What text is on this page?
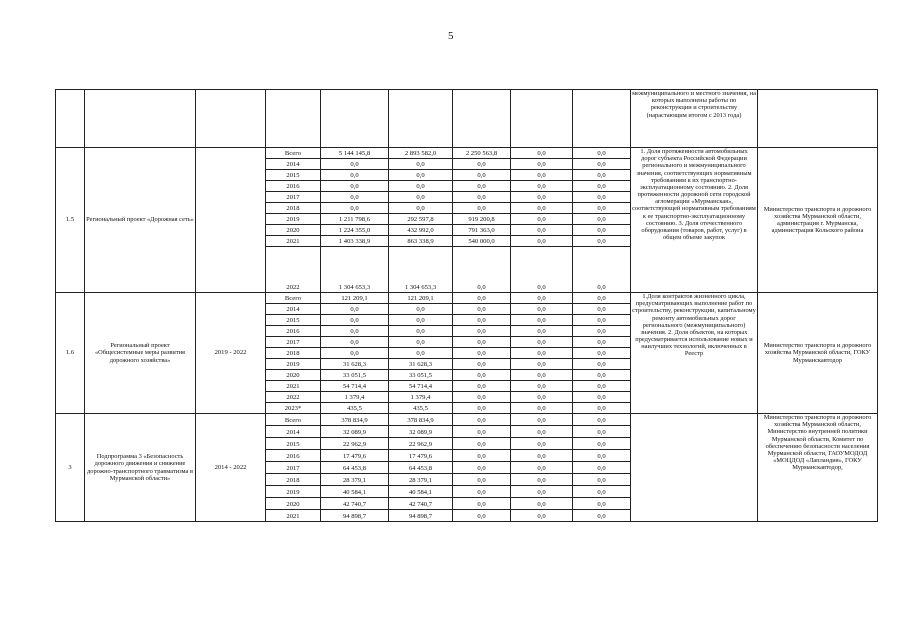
5
									межмуниципального и местного значения, на которых выполнены работы по реконструкции и строительству (нарастающим итогом с 2013 года)	
1.5	Региональный проект «Дорожная сеть»		Всего	5 144 145,8	2 893 582,0	2 250 563,8	0,0	0,0	1. Доля протяженности автомобильных дорог субъекта Российской Федерации регионального и межмуниципального значения, соответствующих нормативным требованиям к их транспортно-эксплуатационному состоянию. 2. Доля протяженности дорожной сети городской агломерации «Мурманская», соответствующей нормативным требованиям к ее транспортно-эксплуатационному состоянию. 3. Доля отечественного оборудования (товаров, работ, услуг) в общем объеме закупок	Министерство транспорта и дорожного хозяйства Мурманской области, администрация г. Мурманска, администрация Кольского района
			2014	0,0	0,0	0,0	0,0	0,0		
			2015	0,0	0,0	0,0	0,0	0,0		
			2016	0,0	0,0	0,0	0,0	0,0		
			2017	0,0	0,0	0,0	0,0	0,0		
			2018	0,0	0,0	0,0	0,0	0,0		
			2019	1 211 798,6	292 597,8	919 200,8	0,0	0,0		
			2020	1 224 355,0	432 992,0	791 363,0	0,0	0,0		
			2021	1 403 338,9	863 338,9	540 000,0	0,0	0,0		
			2022	1 304 653,3	1 304 653,3	0,0	0,0	0,0		
1.6	Региональный проект «Общесистемные меры развития дорожного хозяйства»	2019 - 2022	Всего	121 209,1	121 209,1	0,0	0,0	0,0	1.Доля контрактов жизненного цикла, предусматривающих выполнение работ по строительству, реконструкции, капитальному ремонту автомобильных дорог регионального (межмуниципального) значения. 2. Доля объектов, на которых предусматривается использование новых и наилучших технологий, включенных в Реестр	Министерство транспорта и дорожного хозяйства Мурманской области, ГОКУ Мурманскавтодор
			2014	0,0	0,0	0,0	0,0	0,0		
			2015	0,0	0,0	0,0	0,0	0,0		
			2016	0,0	0,0	0,0	0,0	0,0		
			2017	0,0	0,0	0,0	0,0	0,0		
			2018	0,0	0,0	0,0	0,0	0,0		
			2019	31 628,3	31 628,3	0,0	0,0	0,0		
			2020	33 051,5	33 051,5	0,0	0,0	0,0		
			2021	54 714,4	54 714,4	0,0	0,0	0,0		
			2022	1 379,4	1 379,4	0,0	0,0	0,0		
			2023*	435,5	435,5	0,0	0,0	0,0		
3	Подпрограмма 3 «Безопасность дорожного движения и снижение дорожно-транспортного травматизма в Мурманской области»	2014 - 2022	Всего	378 834,9	378 834,9	0,0	0,0	0,0		Министерство транспорта и дорожного хозяйства Мурманской области, Министерство внутренней политики Мурманской области, Комитет по обеспечению безопасности населения Мурманской области, ГАОУМОДОД «МОЦДОД «Лапландия», ГОКУ Мурманскавтодор,
			2014	32 089,9	32 089,9	0,0	0,0	0,0		
			2015	22 962,9	22 962,9	0,0	0,0	0,0		
			2016	17 479,6	17 479,6	0,0	0,0	0,0		
			2017	64 453,8	64 453,8	0,0	0,0	0,0		
			2018	28 379,1	28 379,1	0,0	0,0	0,0		
			2019	40 584,1	40 584,1	0,0	0,0	0,0		
			2020	42 740,7	42 740,7	0,0	0,0	0,0		
			2021	94 898,7	94 898,7	0,0	0,0	0,0		
